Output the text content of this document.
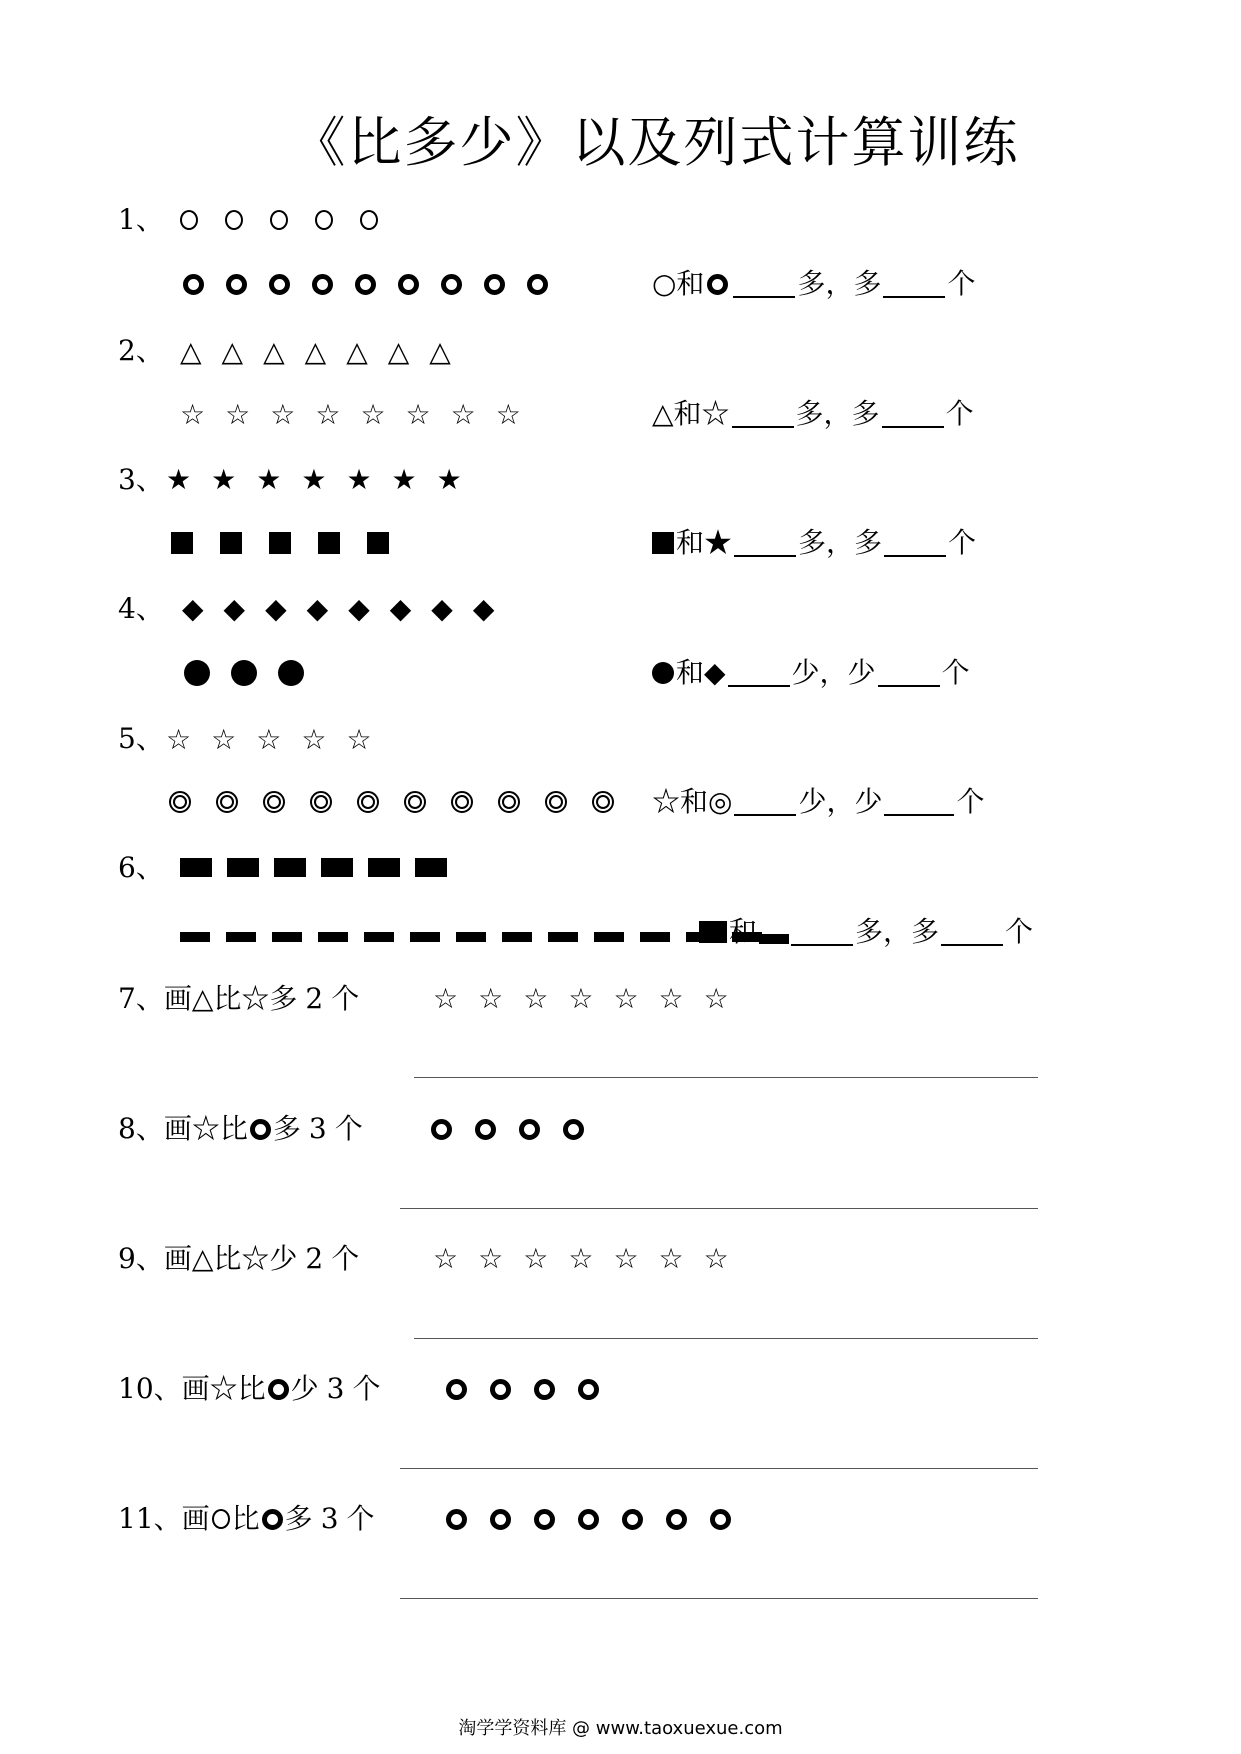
《比多少》以及列式计算训练
1、
○和	多，多 个
2、 △ △ △ △ △ △ △
☆ ☆ ☆ ☆ ☆ ☆ ☆ ☆	△和☆ 多，多 个
3、 ★ ★ ★ ★ ★ ★ ★
和★ 多，多 个
4、 ◆ ◆ ◆ ◆ ◆ ◆ ◆ ◆
和◆ 少，少 个
5、 ☆ ☆ ☆ ☆ ☆
☆和◎ 少，少	个
6、
和	多，多 个
7、 画△比☆多 2 个	☆ ☆ ☆ ☆ ☆ ☆ ☆
8、 画☆比 多 3 个
9、 画△比☆少 2 个	☆ ☆ ☆ ☆ ☆ ☆ ☆
10、 画☆比 少 3 个
11、 画 比 多 3 个
淘学学资料库 @ www.taoxuexue.com
